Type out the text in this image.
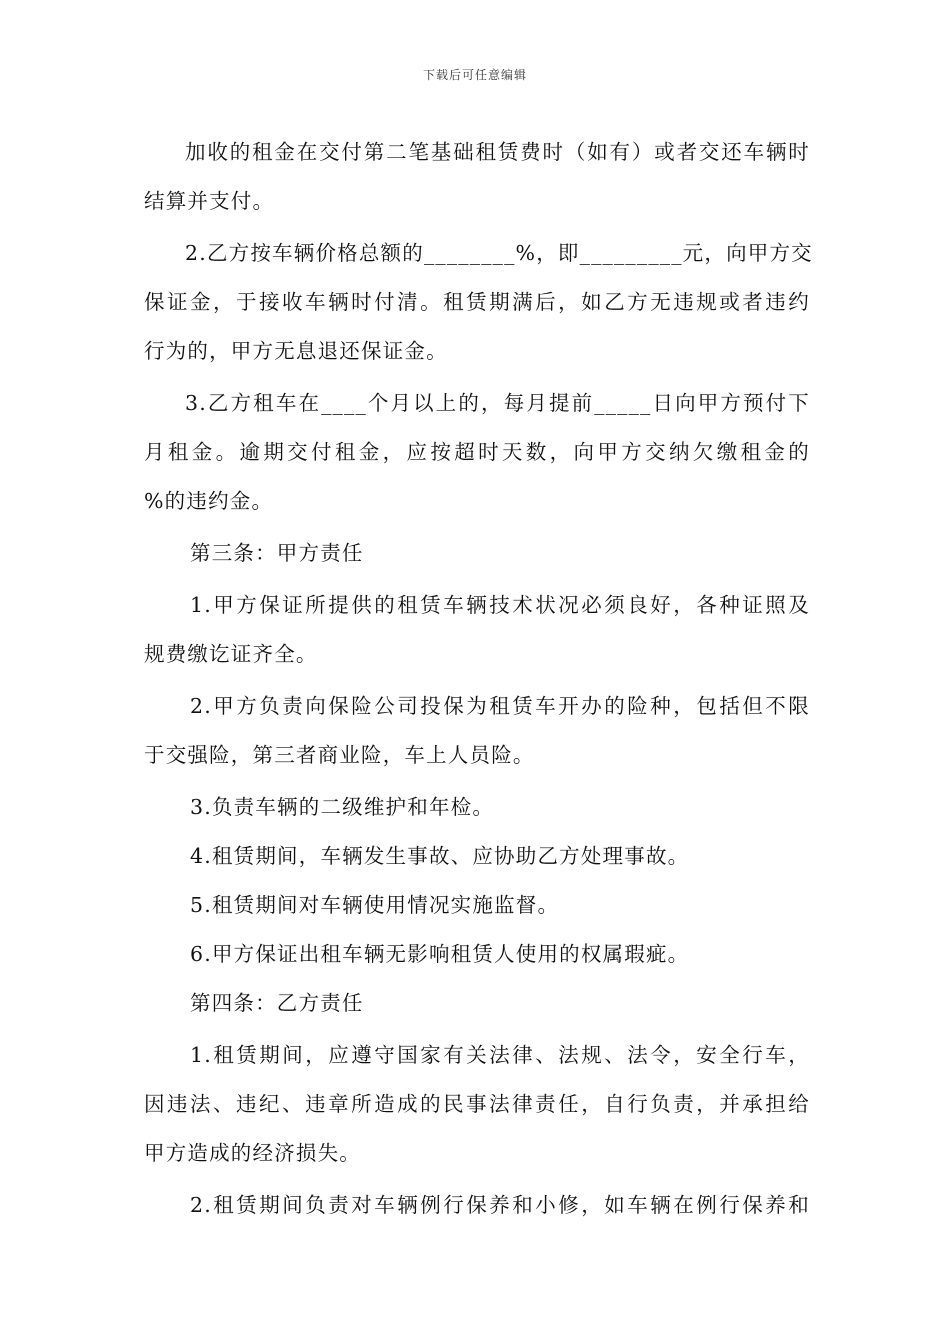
下载后可任意编辑
加收的租金在交付第二笔基础租赁费时（如有）或者交还车辆时
结算并支付。
2.乙方按车辆价格总额的________%，即_________元，向甲方交
保证金，于接收车辆时付清。租赁期满后，如乙方无违规或者违约
行为的，甲方无息退还保证金。
3.乙方租车在____个月以上的，每月提前_____日向甲方预付下
月租金。逾期交付租金，应按超时天数，向甲方交纳欠缴租金的
%的违约金。
第三条：甲方责任
1.甲方保证所提供的租赁车辆技术状况必须良好，各种证照及
规费缴讫证齐全。
2.甲方负责向保险公司投保为租赁车开办的险种，包括但不限
于交强险，第三者商业险，车上人员险。
3.负责车辆的二级维护和年检。
4.租赁期间，车辆发生事故、应协助乙方处理事故。
5.租赁期间对车辆使用情况实施监督。
6.甲方保证出租车辆无影响租赁人使用的权属瑕疵。
第四条：乙方责任
1.租赁期间，应遵守国家有关法律、法规、法令，安全行车，
因违法、违纪、违章所造成的民事法律责任，自行负责，并承担给
甲方造成的经济损失。
2.租赁期间负责对车辆例行保养和小修，如车辆在例行保养和
